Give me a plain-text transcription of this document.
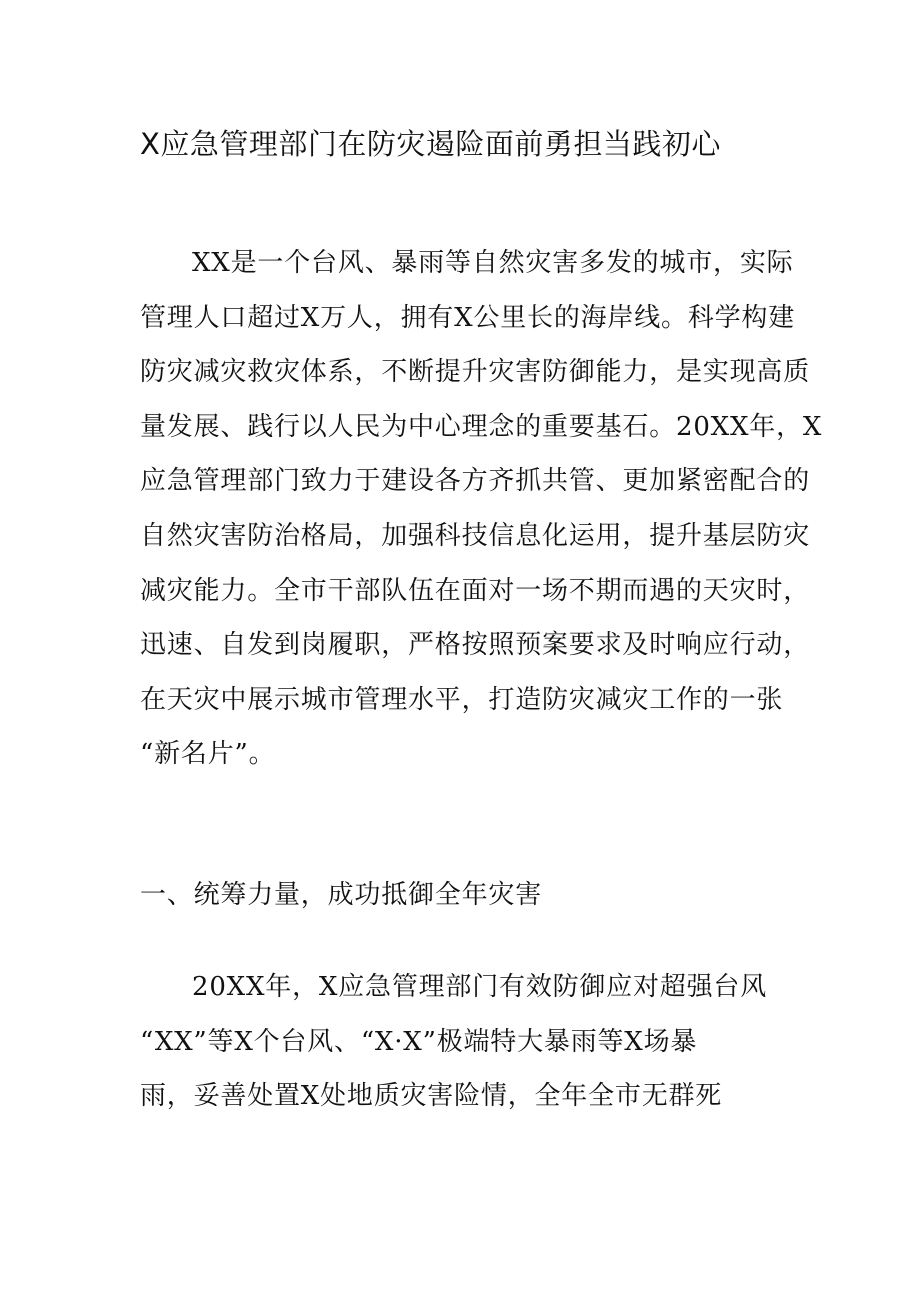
X应急管理部门在防灾遏险面前勇担当践初心
XX是一个台风、暴雨等自然灾害多发的城市，实际
管理人口超过X万人，拥有X公里长的海岸线。科学构建
防灾减灾救灾体系，不断提升灾害防御能力，是实现高质
量发展、践行以人民为中心理念的重要基石。20XX年，X
应急管理部门致力于建设各方齐抓共管、更加紧密配合的
自然灾害防治格局，加强科技信息化运用，提升基层防灾
减灾能力。全市干部队伍在面对一场不期而遇的天灾时，
迅速、自发到岗履职，严格按照预案要求及时响应行动，
在天灾中展示城市管理水平，打造防灾减灾工作的一张
“新名片”。
一、统筹力量，成功抵御全年灾害
20XX年，X应急管理部门有效防御应对超强台风
“XX”等X个台风、“X·X”极端特大暴雨等X场暴
雨，妥善处置X处地质灾害险情，全年全市无群死
